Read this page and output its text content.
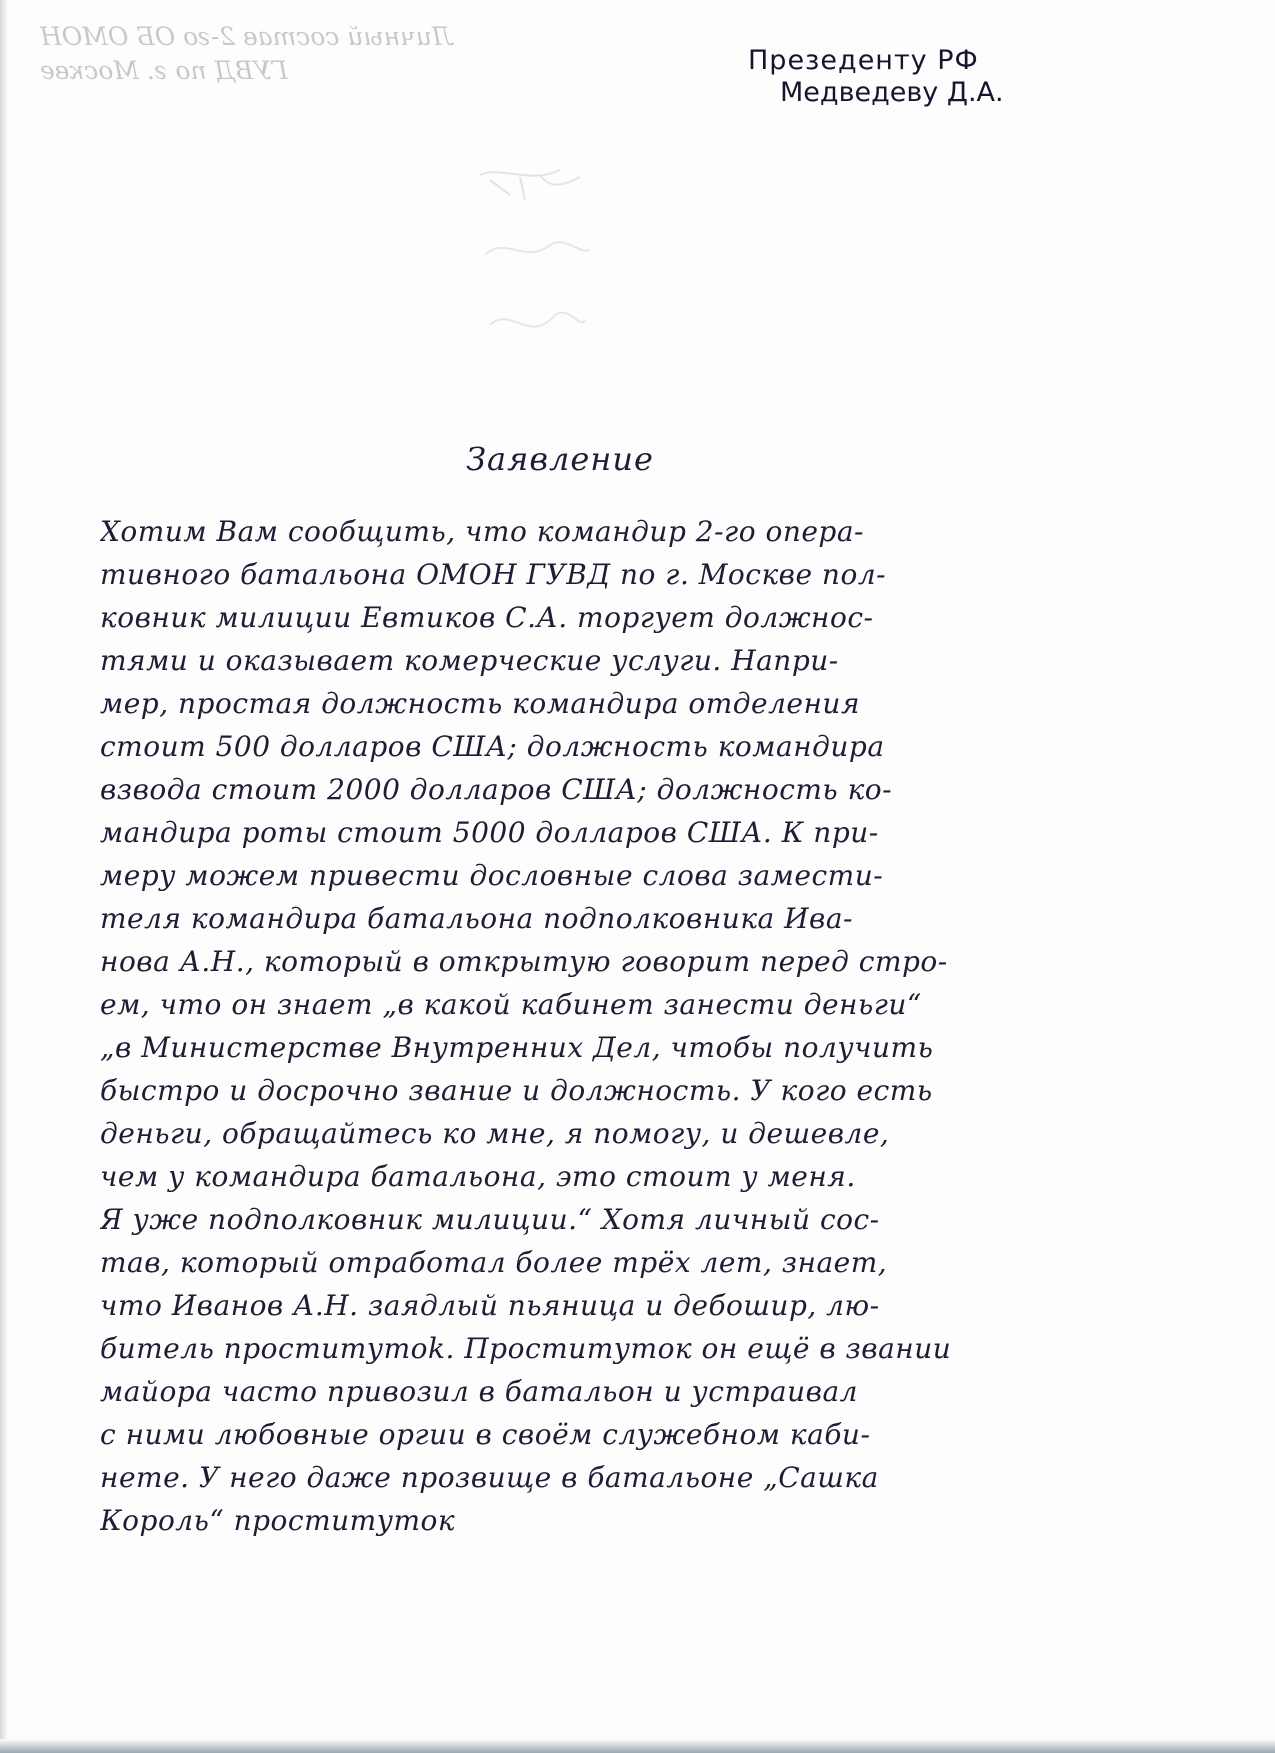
Личный состав 2-го ОБ ОМОН
ГУВД по г. Москве	Презеденту РФ
Медведеву Д.А.
Заявление
Хотим Вам сообщить, что командир 2-го опера-
тивного батальона ОМОН ГУВД по г. Москве пол-
ковник милиции Евтиков С.А. торгует должнос-
тями и оказывает комерческие услуги. Напри-
мер, простая должность командира отделения
стоит 500 долларов США; должность командира
взвода стоит 2000 долларов США; должность ко-
мандира роты стоит 5000 долларов США. К при-
меру можем привести дословные слова замести-
теля командира батальона подполковника Ива-
нова А.Н., который в открытую говорит перед стро-
ем, что он знает „в какой кабинет занести деньги“
„в Министерстве Внутренних Дел, чтобы получить
быстро и досрочно звание и должность. У кого есть
деньги, обращайтесь ко мне, я помогу, и дешевле,
чем у командира батальона, это стоит у меня.
Я уже подполковник милиции.“ Хотя личный сос-
тав, который отработал более трёх лет, знает,
что Иванов А.Н. заядлый пьяница и дебошир, лю-
битель проститутоk. Проституток он ещё в звании
майора часто привозил в батальон и устраивал
с ними любовные оргии в своём служебном каби-
нете. У него даже прозвище в батальоне „Сашка
Король“ проституток
